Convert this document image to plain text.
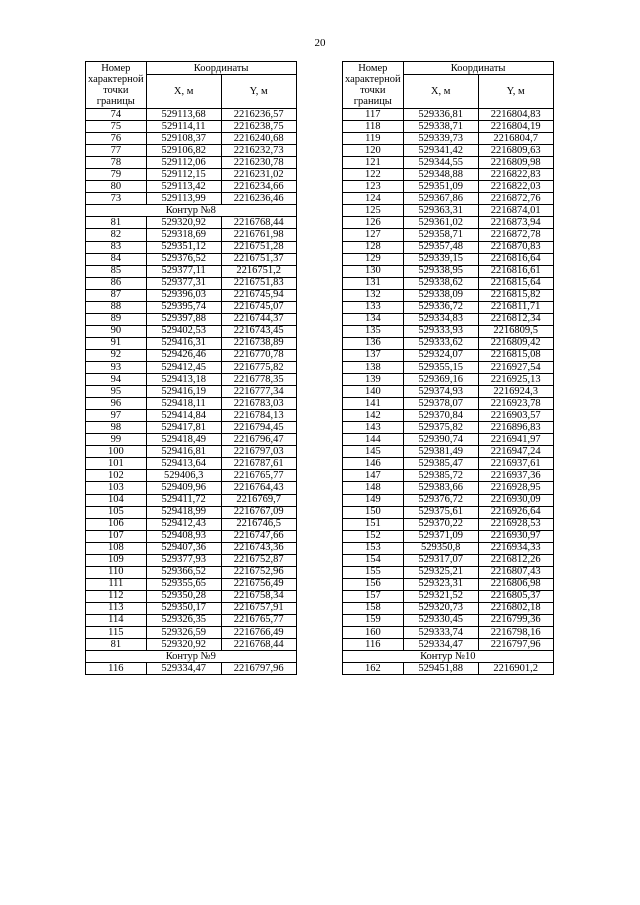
20
Номер характерной точки границы	Координаты	
	X, м	Y, м
74	529113,68	2216236,57
75	529114,11	2216238,75
76	529108,37	2216240,68
77	529106,82	2216232,73
78	529112,06	2216230,78
79	529112,15	2216231,02
80	529113,42	2216234,66
73	529113,99	2216236,46
Контур №8		
81	529320,92	2216768,44
82	529318,69	2216761,98
83	529351,12	2216751,28
84	529376,52	2216751,37
85	529377,11	2216751,2
86	529377,31	2216751,83
87	529396,03	2216745,94
88	529395,74	2216745,07
89	529397,88	2216744,37
90	529402,53	2216743,45
91	529416,31	2216738,89
92	529426,46	2216770,78
93	529412,45	2216775,82
94	529413,18	2216778,35
95	529416,19	2216777,34
96	529418,11	2216783,03
97	529414,84	2216784,13
98	529417,81	2216794,45
99	529418,49	2216796,47
100	529416,81	2216797,03
101	529413,64	2216787,61
102	529406,3	2216765,77
103	529409,96	2216764,43
104	529411,72	2216769,7
105	529418,99	2216767,09
106	529412,43	2216746,5
107	529408,93	2216747,66
108	529407,36	2216743,36
109	529377,93	2216752,87
110	529366,52	2216752,96
111	529355,65	2216756,49
112	529350,28	2216758,34
113	529350,17	2216757,91
114	529326,35	2216765,77
115	529326,59	2216766,49
81	529320,92	2216768,44
Контур №9		
116	529334,47	2216797,96
Номер характерной точки границы	Координаты	
	X, м	Y, м
117	529336,81	2216804,83
118	529338,71	2216804,19
119	529339,73	2216804,7
120	529341,42	2216809,63
121	529344,55	2216809,98
122	529348,88	2216822,83
123	529351,09	2216822,03
124	529367,86	2216872,76
125	529363,31	2216874,01
126	529361,02	2216873,94
127	529358,71	2216872,78
128	529357,48	2216870,83
129	529339,15	2216816,64
130	529338,95	2216816,61
131	529338,62	2216815,64
132	529338,09	2216815,82
133	529336,72	2216811,71
134	529334,83	2216812,34
135	529333,93	2216809,5
136	529333,62	2216809,42
137	529324,07	2216815,08
138	529355,15	2216927,54
139	529369,16	2216925,13
140	529374,93	2216924,3
141	529378,07	2216923,78
142	529370,84	2216903,57
143	529375,82	2216896,83
144	529390,74	2216941,97
145	529381,49	2216947,24
146	529385,47	2216937,61
147	529385,72	2216937,36
148	529383,66	2216928,95
149	529376,72	2216930,09
150	529375,61	2216926,64
151	529370,22	2216928,53
152	529371,09	2216930,97
153	529350,8	2216934,33
154	529317,07	2216812,26
155	529325,21	2216807,43
156	529323,31	2216806,98
157	529321,52	2216805,37
158	529320,73	2216802,18
159	529330,45	2216799,36
160	529333,74	2216798,16
116	529334,47	2216797,96
Контур №10		
162	529451,88	2216901,2
